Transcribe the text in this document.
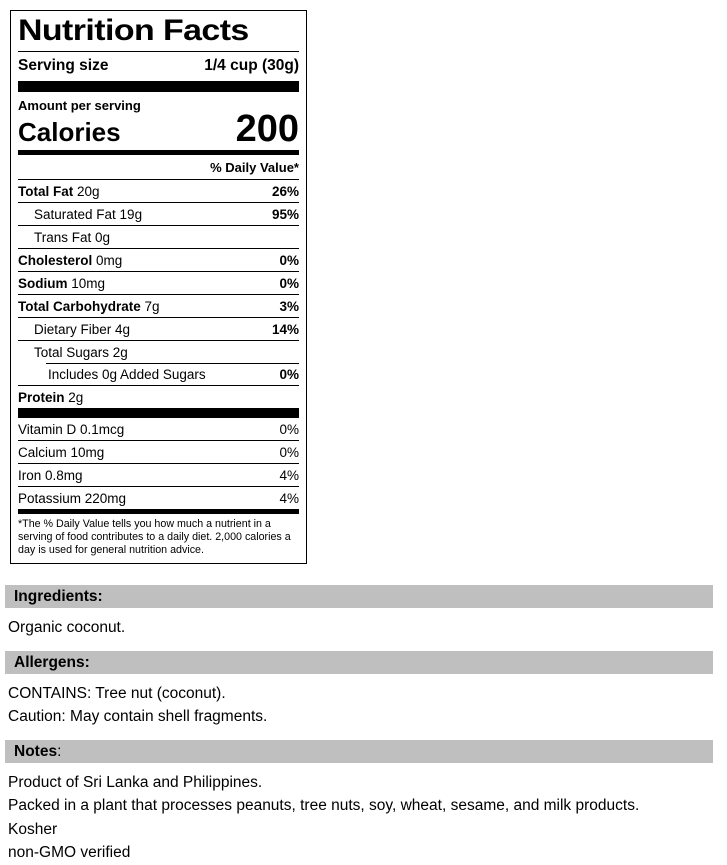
Nutrition Facts
Serving size	1/4 cup (30g)
Amount per serving
Calories	200
% Daily Value*
Total Fat 20g	26%
Saturated Fat 19g	95%
Trans Fat 0g
Cholesterol 0mg	0%
Sodium 10mg	0%
Total Carbohydrate 7g	3%
Dietary Fiber 4g	14%
Total Sugars 2g
Includes 0g Added Sugars	0%
Protein 2g
Vitamin D 0.1mcg	0%
Calcium 10mg	0%
Iron 0.8mg	4%
Potassium 220mg	4%
*The % Daily Value tells you how much a nutrient in a serving of food contributes to a daily diet. 2,000 calories a day is used for general nutrition advice.
Ingredients:
Organic coconut.
Allergens:
CONTAINS: Tree nut (coconut).
Caution: May contain shell fragments.
Notes:
Product of Sri Lanka and Philippines.
Packed in a plant that processes peanuts, tree nuts, soy, wheat, sesame, and milk products.
Kosher
non-GMO verified
